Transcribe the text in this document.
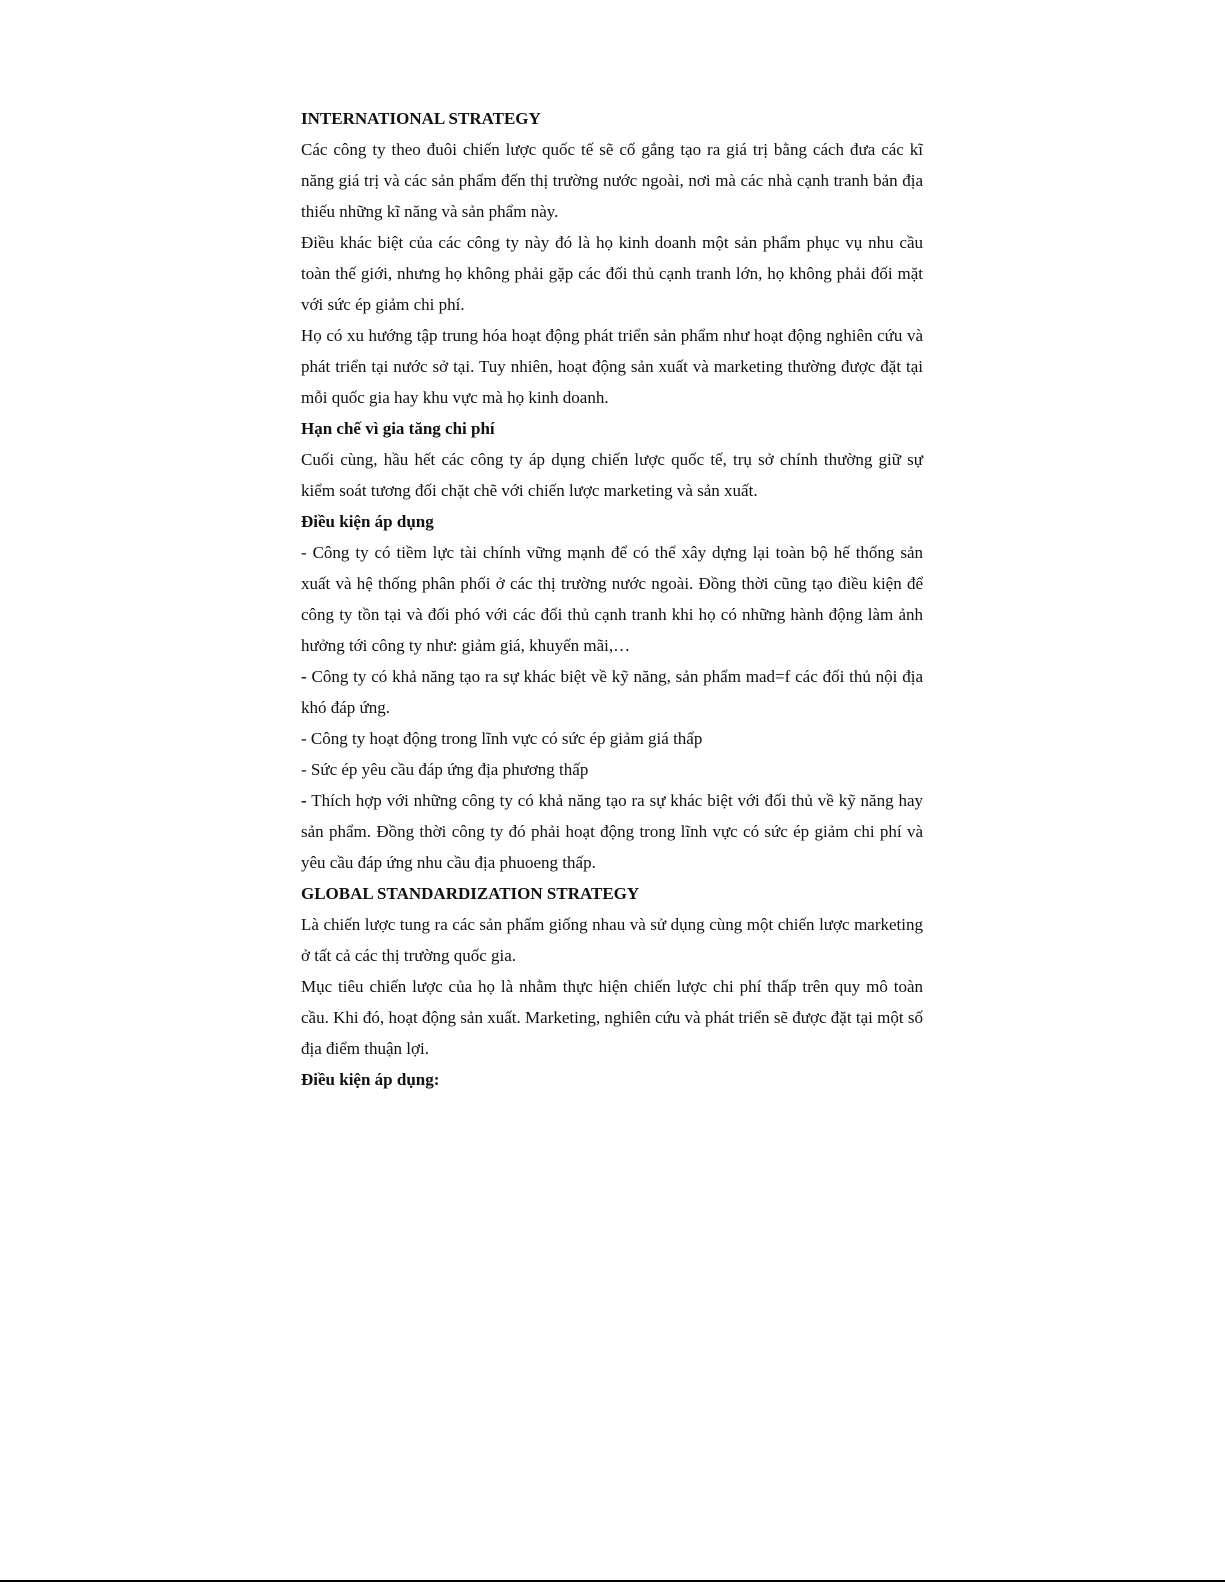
INTERNATIONAL STRATEGY

Các công ty theo đuôi chiến lược quốc tế sẽ cố gắng tạo ra giá trị bằng cách đưa các kĩ năng giá trị và các sản phẩm đến thị trường nước ngoài, nơi mà các nhà cạnh tranh bản địa thiếu những kĩ năng và sản phẩm này.

Điều khác biệt của các công ty này đó là họ kinh doanh một sản phẩm phục vụ nhu cầu toàn thế giới, nhưng họ không phải gặp các đối thủ cạnh tranh lớn, họ không phải đối mặt với sức ép giảm chi phí.

Họ có xu hướng tập trung hóa hoạt động phát triển sản phẩm như hoạt động nghiên cứu và phát triển tại nước sở tại. Tuy nhiên, hoạt động sản xuất và marketing thường được đặt tại mỗi quốc gia hay khu vực mà họ kinh doanh.

Hạn chế vì gia tăng chi phí

Cuối cùng, hầu hết các công ty áp dụng chiến lược quốc tế, trụ sở chính thường giữ sự kiểm soát tương đối chặt chẽ với chiến lược marketing và sản xuất.

Điều kiện áp dụng

- Công ty có tiềm lực tài chính vững mạnh để có thể xây dựng lại toàn bộ hế thống sản xuất và hệ thống phân phối ở các thị trường nước ngoài. Đồng thời cũng tạo điều kiện để công ty tồn tại và đối phó với các đối thủ cạnh tranh khi họ có những hành động làm ảnh hưởng tới công ty như: giảm giá, khuyến mãi,…

- Công ty có khả năng tạo ra sự khác biệt về kỹ năng, sản phẩm mad=f các đối thủ nội địa khó đáp ứng.

- Công ty hoạt động trong lĩnh vực có sức ép giảm giá thấp

- Sức ép yêu cầu đáp ứng địa phương thấp

- Thích hợp với những công ty có khả năng tạo ra sự khác biệt với đối thủ về kỹ năng hay sản phẩm. Đồng thời công ty đó phải hoạt động trong lĩnh vực có sức ép giảm chi phí và yêu cầu đáp ứng nhu cầu địa phuoeng thấp.

GLOBAL STANDARDIZATION STRATEGY

Là chiến lược tung ra các sản phẩm giống nhau và sử dụng cùng một chiến lược marketing ở tất cả các thị trường quốc gia.

Mục tiêu chiến lược của họ là nhằm thực hiện chiến lược chi phí thấp trên quy mô toàn cầu. Khi đó, hoạt động sản xuất. Marketing, nghiên cứu và phát triển sẽ được đặt tại một số địa điểm thuận lợi.

Điều kiện áp dụng:
